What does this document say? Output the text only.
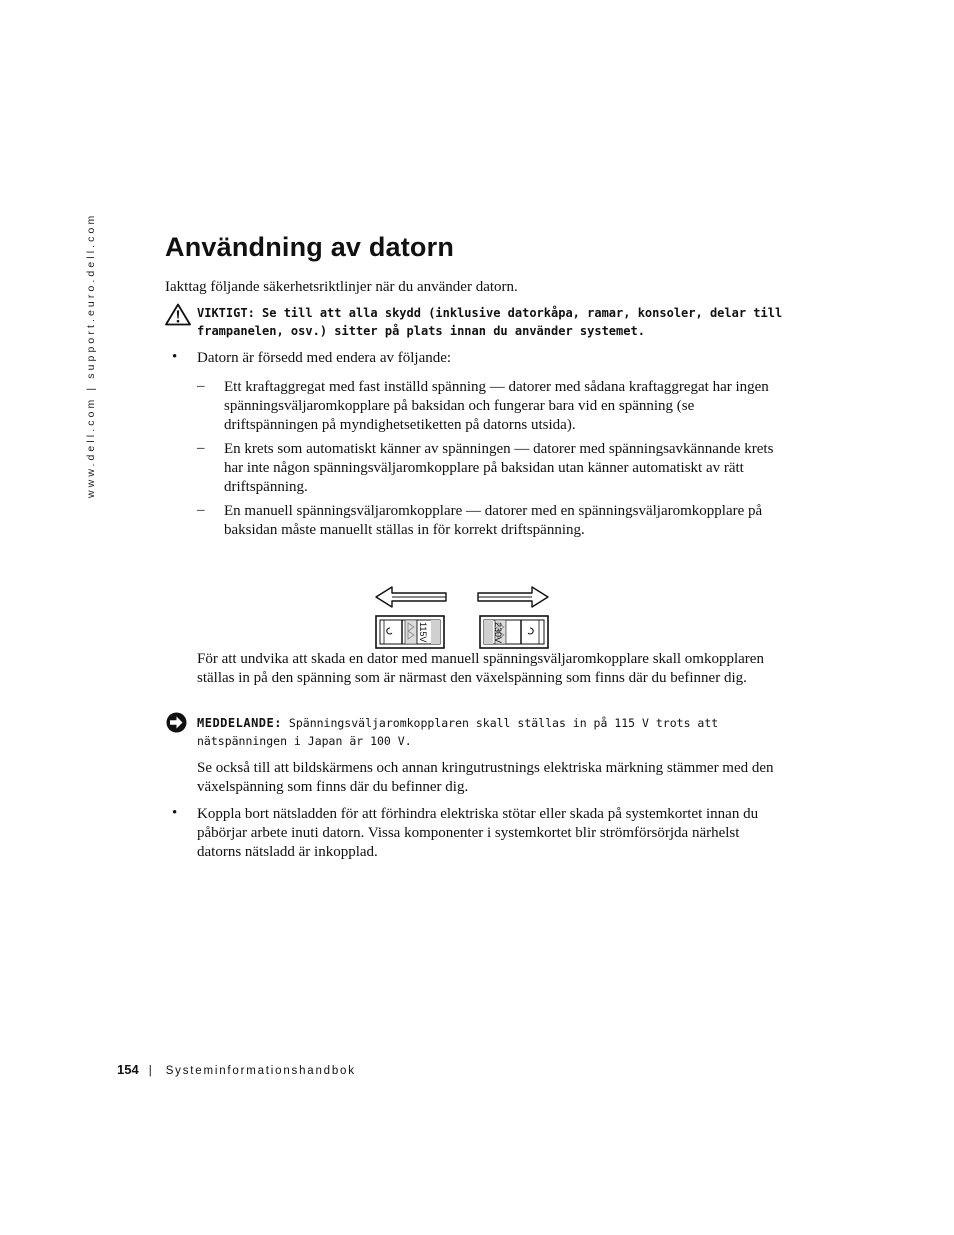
www.dell.com | support.euro.dell.com	Användning av datorn
Iakttag följande säkerhetsriktlinjer när du använder datorn.
VIKTIGT: Se till att alla skydd (inklusive datorkåpa, ramar, konsoler, delar till frampanelen, osv.) sitter på plats innan du använder systemet.
• Datorn är försedd med endera av följande:
– Ett kraftaggregat med fast inställd spänning — datorer med sådana kraftaggregat har ingen spänningsväljaromkopplare på baksidan och fungerar bara vid en spänning (se driftspänningen på myndighetsetiketten på datorns utsida).
– En krets som automatiskt känner av spänningen — datorer med spänningsavkännande krets har inte någon spänningsväljaromkopplare på baksidan utan känner automatiskt av rätt driftspänning.
– En manuell spänningsväljaromkopplare — datorer med en spänningsväljaromkopplare på baksidan måste manuellt ställas in för korrekt driftspänning.
115V	230V
För att undvika att skada en dator med manuell spänningsväljaromkopplare skall omkopplaren ställas in på den spänning som är närmast den växelspänning som finns där du befinner dig.
MEDDELANDE: Spänningsväljaromkopplaren skall ställas in på 115 V trots att nätspänningen i Japan är 100 V.
Se också till att bildskärmens och annan kringutrustnings elektriska märkning stämmer med den växelspänning som finns där du befinner dig.
• Koppla bort nätsladden för att förhindra elektriska stötar eller skada på systemkortet innan du påbörjar arbete inuti datorn. Vissa komponenter i systemkortet blir strömförsörjda närhelst datorns nätsladd är inkopplad.
154 | Systeminformationshandbok
